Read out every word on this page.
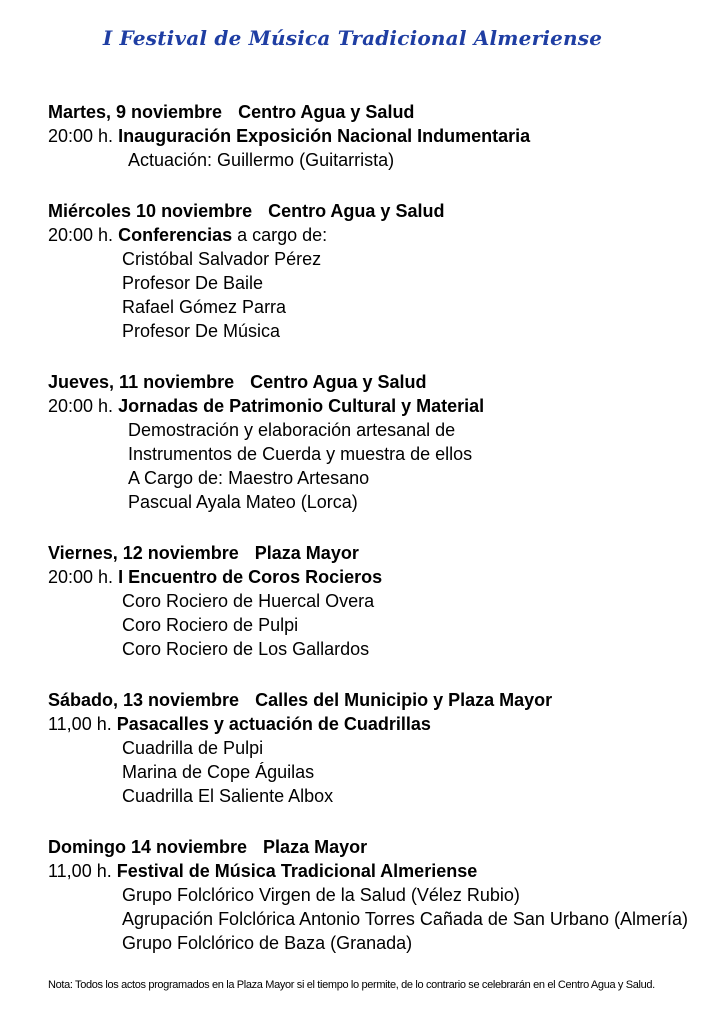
I Festival de Música Tradicional Almeriense
Martes, 9 noviembre Centro Agua y Salud
20:00 h. Inauguración Exposición Nacional Indumentaria
Actuación: Guillermo (Guitarrista)
Miércoles 10 noviembre Centro Agua y Salud
20:00 h. Conferencias a cargo de:
Cristóbal Salvador Pérez
Profesor De Baile
Rafael Gómez Parra
Profesor De Música
Jueves, 11 noviembre Centro Agua y Salud
20:00 h. Jornadas de Patrimonio Cultural y Material
Demostración y elaboración artesanal de
Instrumentos de Cuerda y muestra de ellos
A Cargo de: Maestro Artesano
Pascual Ayala Mateo (Lorca)
Viernes, 12 noviembre Plaza Mayor
20:00 h. I Encuentro de Coros Rocieros
Coro Rociero de Huercal Overa
Coro Rociero de Pulpi
Coro Rociero de Los Gallardos
Sábado, 13 noviembre Calles del Municipio y Plaza Mayor
11,00 h. Pasacalles y actuación de Cuadrillas
Cuadrilla de Pulpi
Marina de Cope Águilas
Cuadrilla El Saliente Albox
Domingo 14 noviembre Plaza Mayor
11,00 h. Festival de Música Tradicional Almeriense
Grupo Folclórico Virgen de la Salud (Vélez Rubio)
Agrupación Folclórica Antonio Torres Cañada de San Urbano (Almería)
Grupo Folclórico de Baza (Granada)
Nota: Todos los actos programados en la Plaza Mayor si el tiempo lo permite, de lo contrario se celebrarán en el Centro Agua y Salud.
